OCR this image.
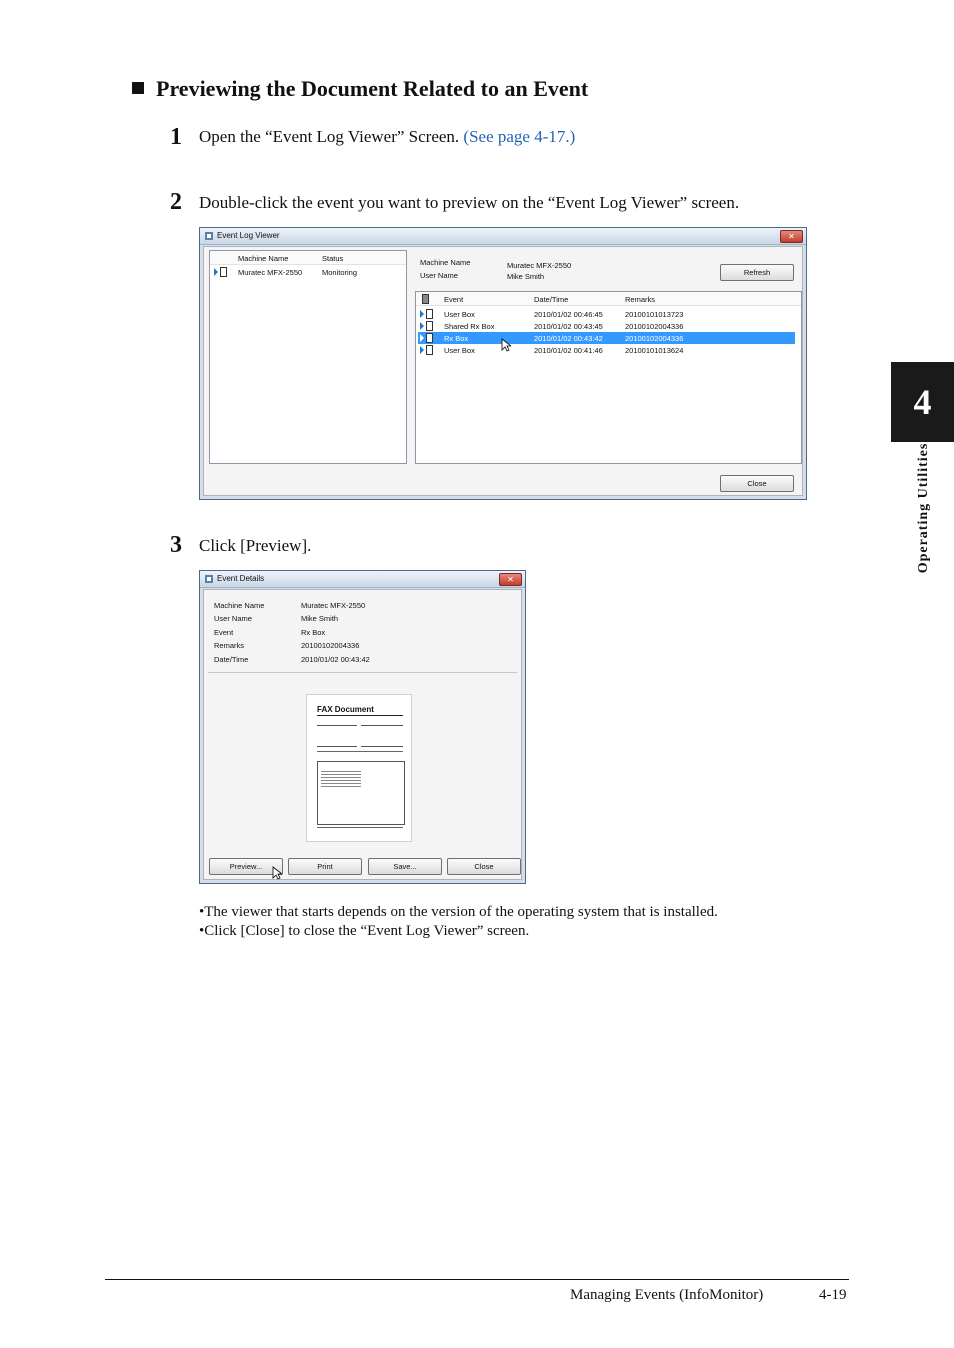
Previewing the Document Related to an Event
1 Open the “Event Log Viewer” Screen. (See page 4-17.)
2 Double-click the event you want to preview on the “Event Log Viewer” screen.
Event Log Viewer	✕
Machine Name	Status
Muratec MFX-2550	Monitoring
Machine Name	Muratec MFX-2550
User Name	Mike Smith	Refresh
Event	Date/Time	Remarks
User Box	2010/01/02 00:46:45	20100101013723
Shared Rx Box	2010/01/02 00:43:45	20100102004336
Rx Box	2010/01/02 00:43:42	20100102004336
User Box	2010/01/02 00:41:46	20100101013624
Close
3 Click [Preview].
Event Details	✕
Machine Name	Muratec MFX-2550
User Name	Mike Smith
Event	Rx Box
Remarks	20100102004336
Date/Time	2010/01/02 00:43:42
FAX Document
Preview...	Print	Save...	Close
•The viewer that starts depends on the version of the operating system that is installed.
•Click [Close] to close the “Event Log Viewer” screen.
4
Operating Utilities
Managing Events (InfoMonitor)	4-19
